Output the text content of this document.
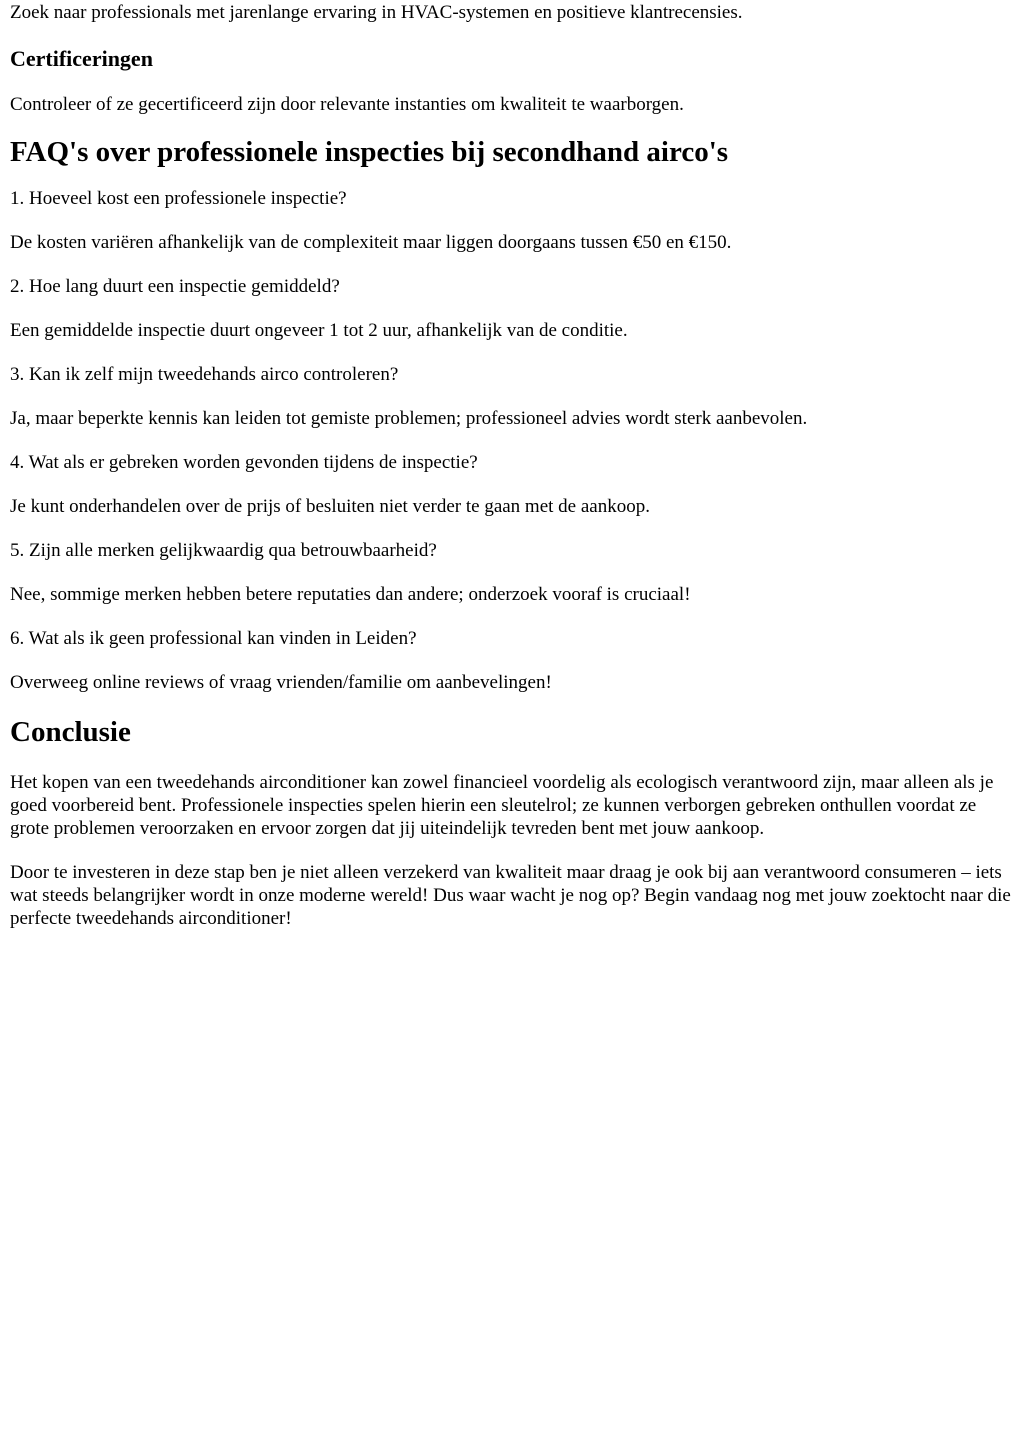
Zoek naar professionals met jarenlange ervaring in HVAC-systemen en positieve klantrecensies.

Certificeringen

Controleer of ze gecertificeerd zijn door relevante instanties om kwaliteit te waarborgen.

FAQ's over professionele inspecties bij secondhand airco's

1. Hoeveel kost een professionele inspectie?

De kosten variëren afhankelijk van de complexiteit maar liggen doorgaans tussen €50 en €150.

2. Hoe lang duurt een inspectie gemiddeld?

Een gemiddelde inspectie duurt ongeveer 1 tot 2 uur, afhankelijk van de conditie.

3. Kan ik zelf mijn tweedehands airco controleren?

Ja, maar beperkte kennis kan leiden tot gemiste problemen; professioneel advies wordt sterk aanbevolen.

4. Wat als er gebreken worden gevonden tijdens de inspectie?

Je kunt onderhandelen over de prijs of besluiten niet verder te gaan met de aankoop.

5. Zijn alle merken gelijkwaardig qua betrouwbaarheid?

Nee, sommige merken hebben betere reputaties dan andere; onderzoek vooraf is cruciaal!

6. Wat als ik geen professional kan vinden in Leiden?

Overweeg online reviews of vraag vrienden/familie om aanbevelingen!

Conclusie

Het kopen van een tweedehands airconditioner kan zowel financieel voordelig als ecologisch verantwoord zijn, maar alleen als je goed voorbereid bent. Professionele inspecties spelen hierin een sleutelrol; ze kunnen verborgen gebreken onthullen voordat ze grote problemen veroorzaken en ervoor zorgen dat jij uiteindelijk tevreden bent met jouw aankoop.

Door te investeren in deze stap ben je niet alleen verzekerd van kwaliteit maar draag je ook bij aan verantwoord consumeren – iets wat steeds belangrijker wordt in onze moderne wereld! Dus waar wacht je nog op? Begin vandaag nog met jouw zoektocht naar die perfecte tweedehands airconditioner!
